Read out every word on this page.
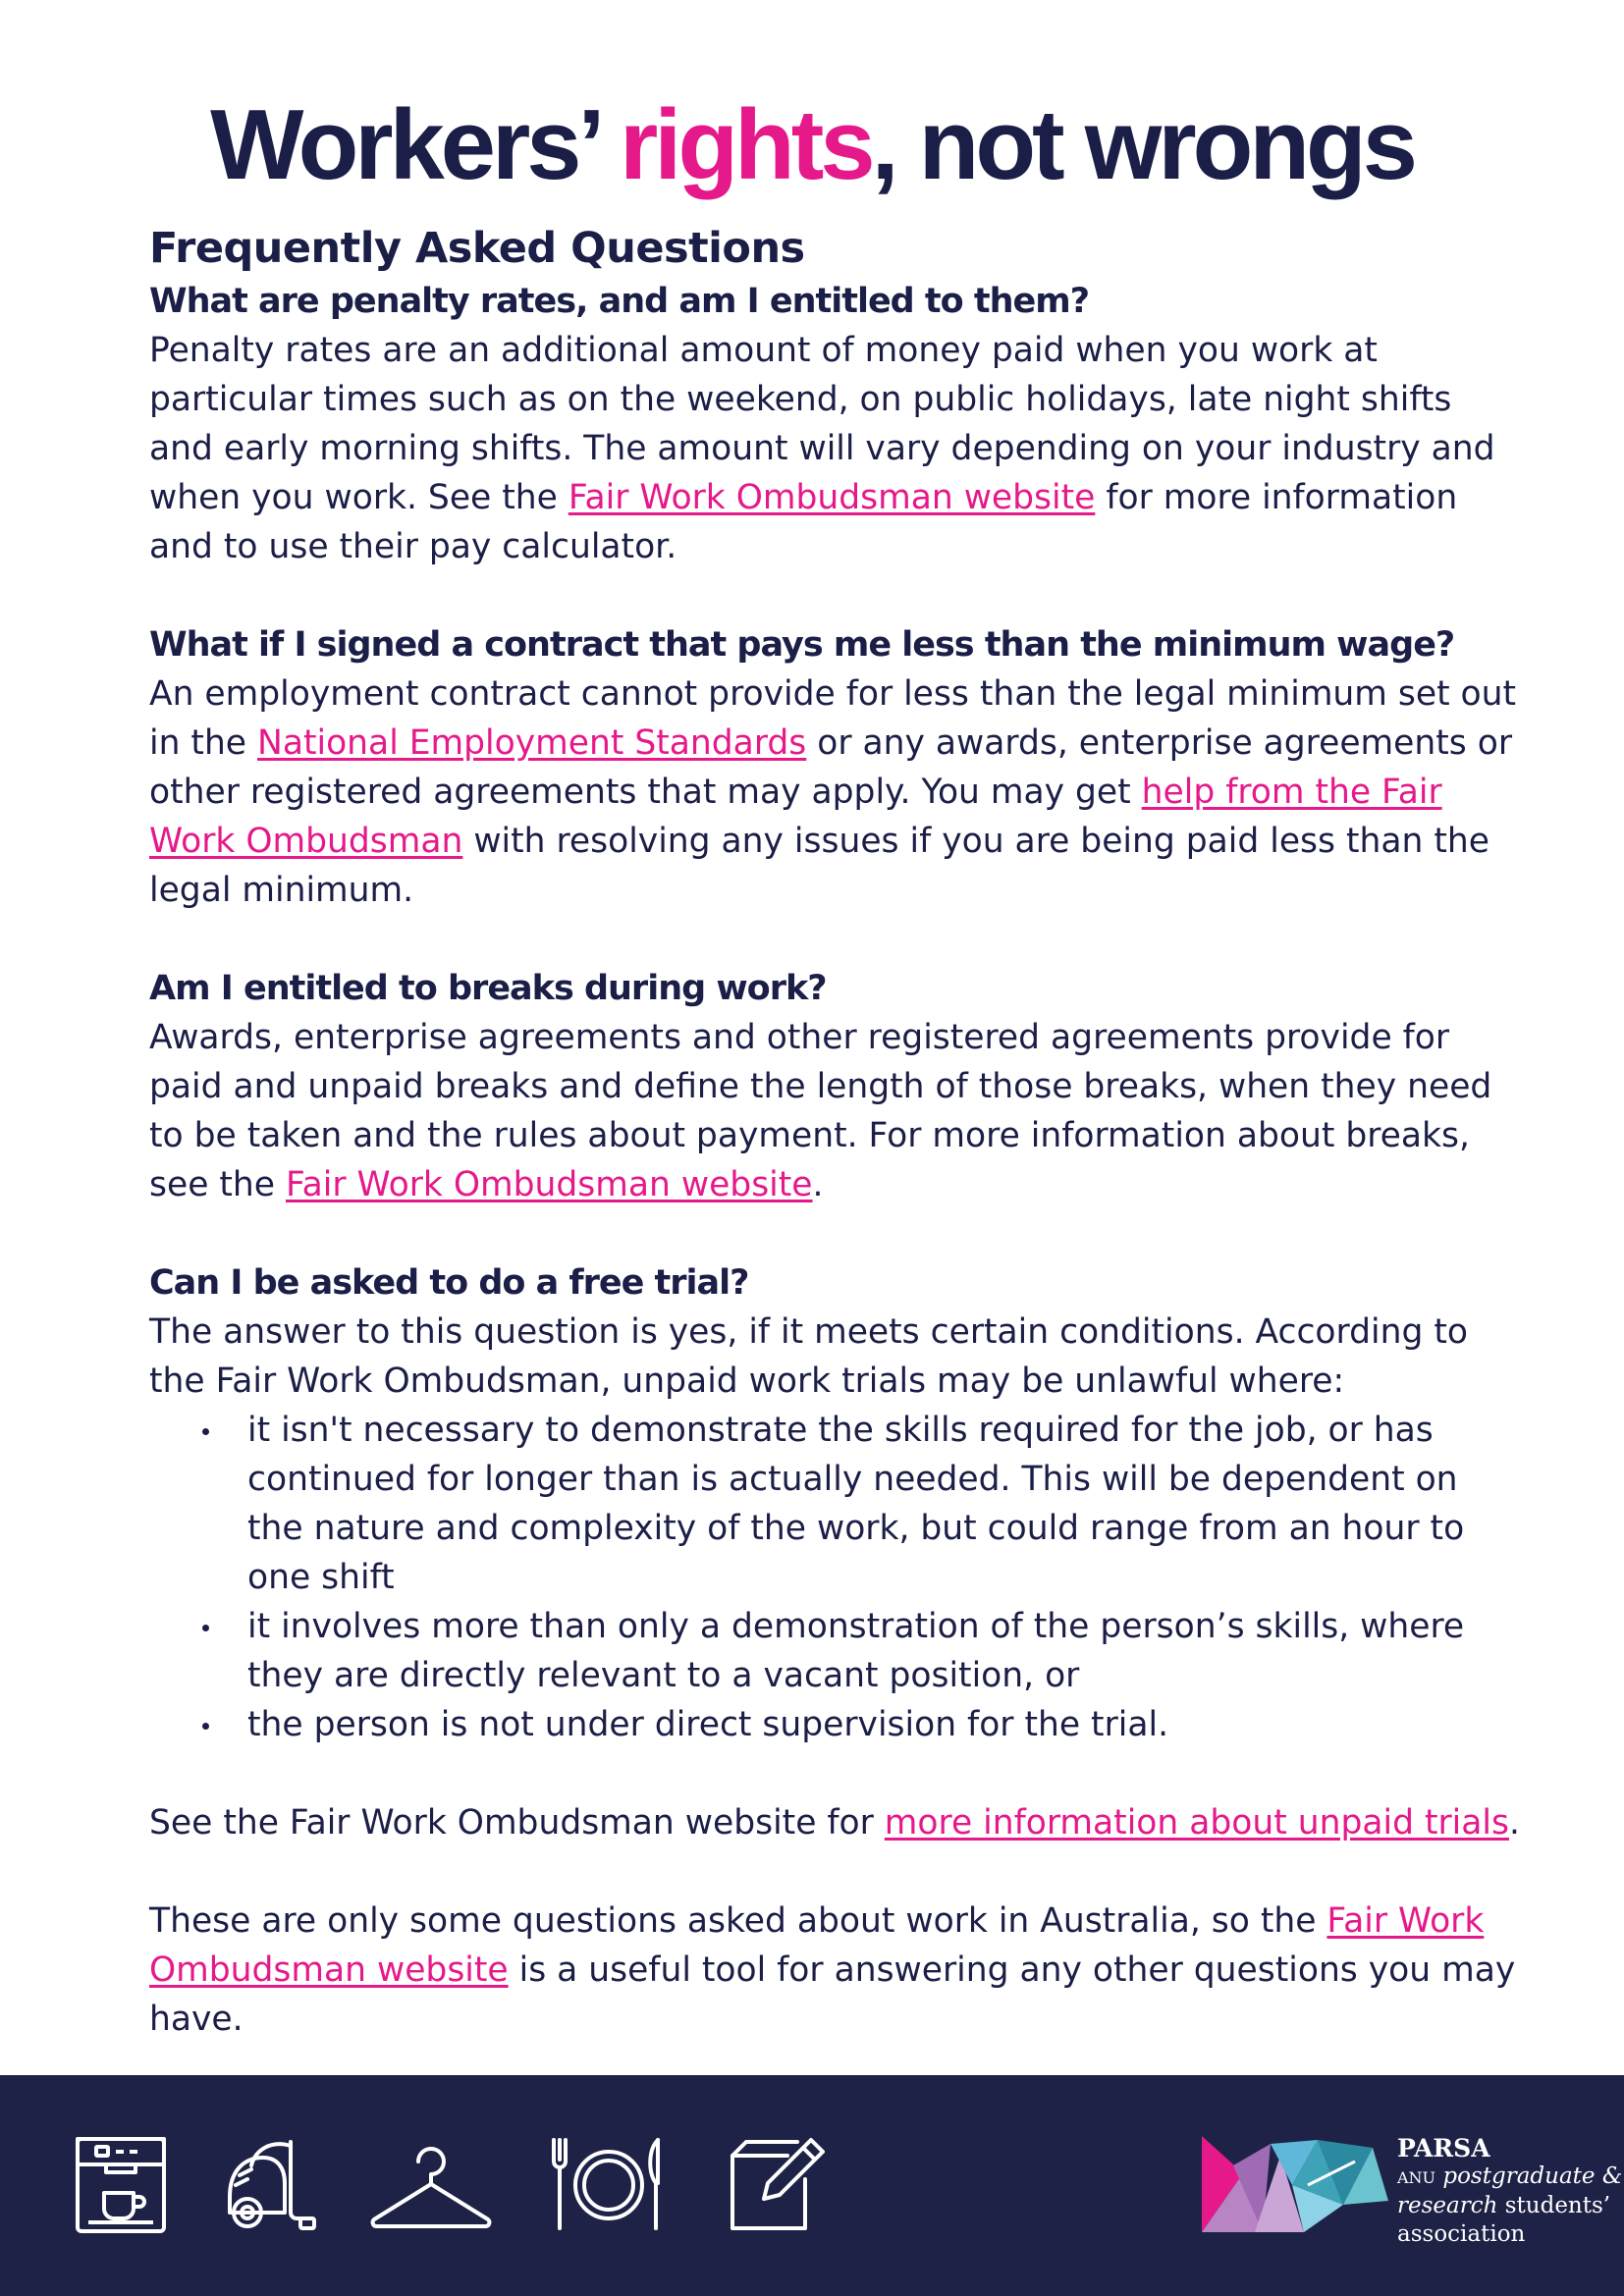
Workers’ rights, not wrongs
Frequently Asked Questions
What are penalty rates, and am I entitled to them?

Penalty rates are an additional amount of money paid when you work at particular times such as on the weekend, on public holidays, late night shifts and early morning shifts. The amount will vary depending on your industry and when you work. See the Fair Work Ombudsman website for more information and to use their pay calculator.

What if I signed a contract that pays me less than the minimum wage?

An employment contract cannot provide for less than the legal minimum set out in the National Employment Standards or any awards, enterprise agreements or other registered agreements that may apply. You may get help from the Fair Work Ombudsman with resolving any issues if you are being paid less than the legal minimum.

Am I entitled to breaks during work?

Awards, enterprise agreements and other registered agreements provide for paid and unpaid breaks and define the length of those breaks, when they need to be taken and the rules about payment. For more information about breaks, see the Fair Work Ombudsman website.

Can I be asked to do a free trial?

The answer to this question is yes, if it meets certain conditions. According to the Fair Work Ombudsman, unpaid work trials may be unlawful where:

it isn't necessary to demonstrate the skills required for the job, or has continued for longer than is actually needed. This will be dependent on the nature and complexity of the work, but could range from an hour to one shift
it involves more than only a demonstration of the person’s skills, where they are directly relevant to a vacant position, or
the person is not under direct supervision for the trial.

See the Fair Work Ombudsman website for more information about unpaid trials.

These are only some questions asked about work in Australia, so the Fair Work Ombudsman website is a useful tool for answering any other questions you may have.

PARSA
ANU postgraduate &
research students’
association
